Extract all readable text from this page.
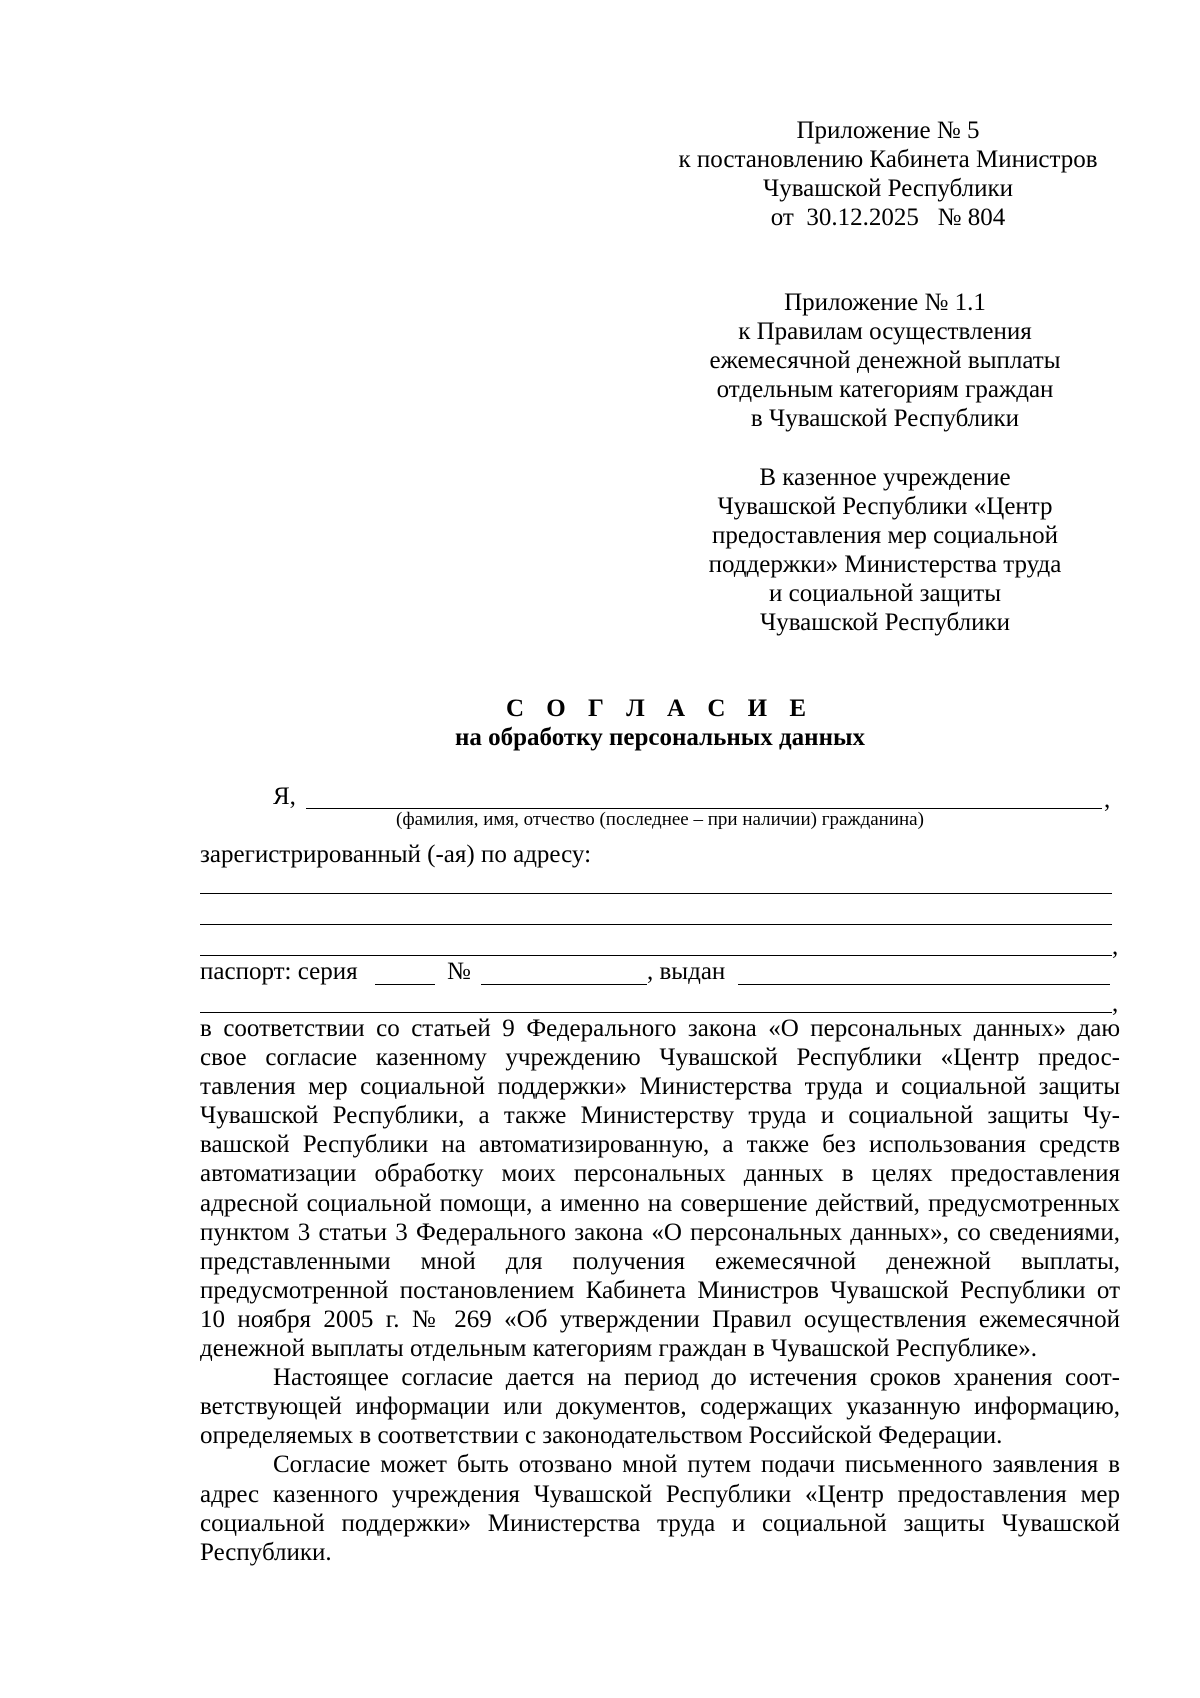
Приложение № 5
к постановлению Кабинета Министров
Чувашской Республики
от  30.12.2025   № 804
Приложение № 1.1
к Правилам осуществления
ежемесячной денежной выплаты
отдельным категориям граждан
в Чувашской Республики
В казенное учреждение
Чувашской Республики «Центр
предоставления мер социальной
поддержки» Министерства труда
и социальной защиты
Чувашской Республики
С О Г Л А С И Е
на обработку персональных данных
Я,	,
(фамилия, имя, отчество (последнее – при наличии) гражданина)
зарегистрированный (-ая) по адресу:
,
паспорт: серия	№	, выдан
,

в соответствии со статьей 9 Федерального закона «О персональных данных» даю свое согласие казенному учреждению Чувашской Республики «Центр предоставления мер социальной поддержки» Министерства труда и социальной защиты Чувашской Республики, а также Министерству труда и социальной защиты Чувашской Республики на автоматизированную, а также без использования средств автоматизации обработку моих персональных данных в целях предоставления адресной социальной помощи, а именно на совершение действий, предусмотренных пунктом 3 статьи 3 Федерального закона «О персональных данных», со сведениями, представленными мной для получения ежемесячной денежной выплаты, предусмотренной постановлением Кабинета Министров Чувашской Республики от 10 ноября 2005 г. № 269 «Об утверждении Правил осуществления ежемесячной денежной выплаты отдельным категориям граждан в Чувашской Республике».

Настоящее согласие дается на период до истечения сроков хранения соответствующей информации или документов, содержащих указанную информацию, определяемых в соответствии с законодательством Российской Федерации.

Согласие может быть отозвано мной путем подачи письменного заявления в адрес казенного учреждения Чувашской Республики «Центр предоставления мер социальной поддержки» Министерства труда и социальной защиты Чувашской Республики.
